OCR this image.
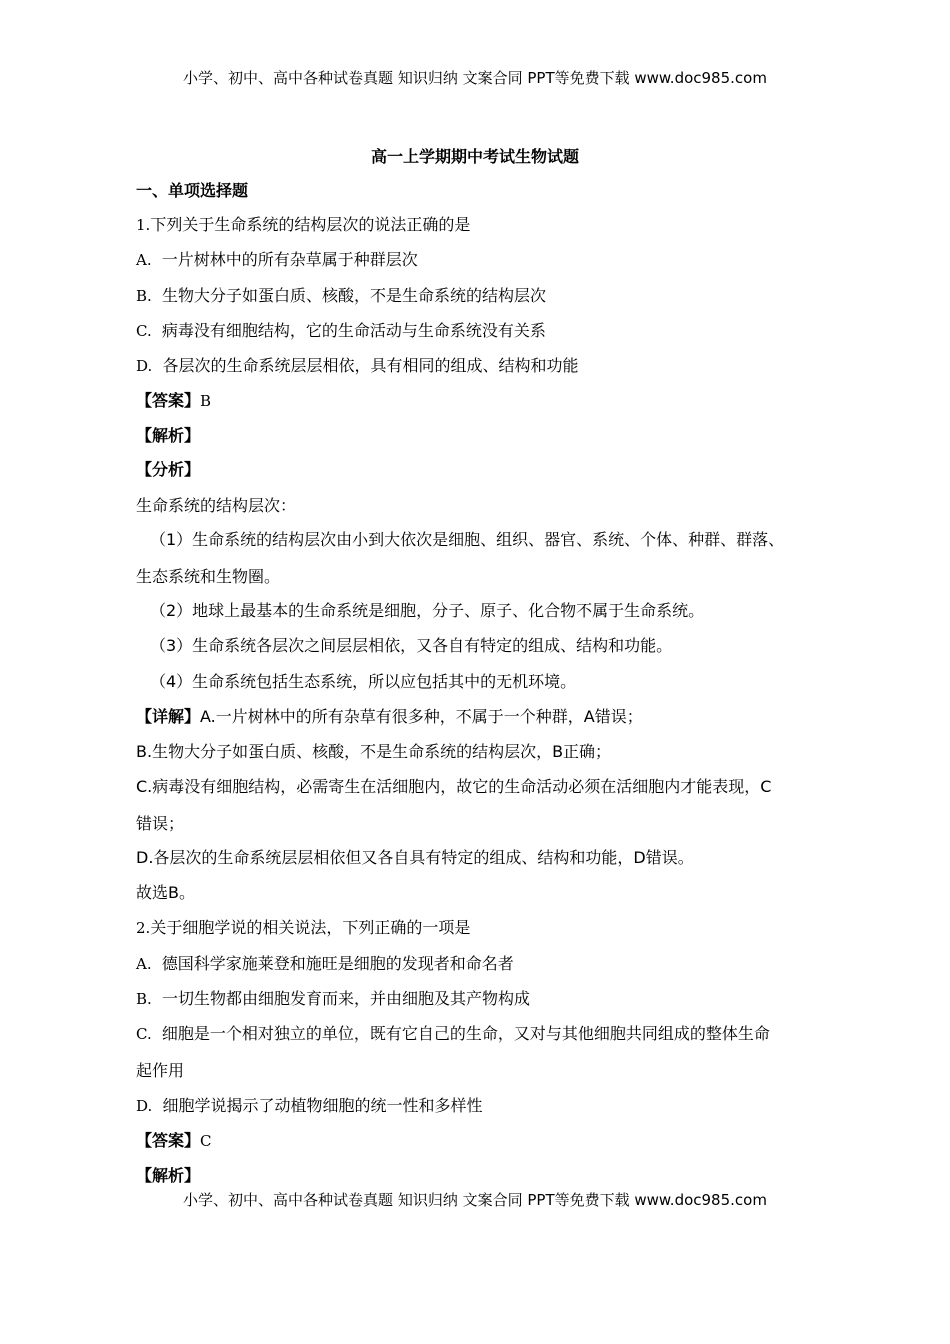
小学、初中、高中各种试卷真题 知识归纳 文案合同 PPT等免费下载 www.doc985.com
高一上学期期中考试生物试题
一、单项选择题
1.下列关于生命系统的结构层次的说法正确的是
A. 一片树林中的所有杂草属于种群层次
B. 生物大分子如蛋白质、核酸，不是生命系统的结构层次
C. 病毒没有细胞结构，它的生命活动与生命系统没有关系
D. 各层次的生命系统层层相依，具有相同的组成、结构和功能
【答案】B
【解析】
【分析】
生命系统的结构层次：
（1）生命系统的结构层次由小到大依次是细胞、组织、器官、系统、个体、种群、群落、
生态系统和生物圈。
（2）地球上最基本的生命系统是细胞，分子、原子、化合物不属于生命系统。
（3）生命系统各层次之间层层相依，又各自有特定的组成、结构和功能。
（4）生命系统包括生态系统，所以应包括其中的无机环境。
【详解】A.一片树林中的所有杂草有很多种，不属于一个种群，A错误；
B.生物大分子如蛋白质、核酸，不是生命系统的结构层次，B正确；
C.病毒没有细胞结构，必需寄生在活细胞内，故它的生命活动必须在活细胞内才能表现，C
错误；
D.各层次的生命系统层层相依但又各自具有特定的组成、结构和功能，D错误。
故选B。
2.关于细胞学说的相关说法，下列正确的一项是
A. 德国科学家施莱登和施旺是细胞的发现者和命名者
B. 一切生物都由细胞发育而来，并由细胞及其产物构成
C. 细胞是一个相对独立的单位，既有它自己的生命，又对与其他细胞共同组成的整体生命
起作用
D. 细胞学说揭示了动植物细胞的统一性和多样性
【答案】C
【解析】
小学、初中、高中各种试卷真题 知识归纳 文案合同 PPT等免费下载 www.doc985.com
